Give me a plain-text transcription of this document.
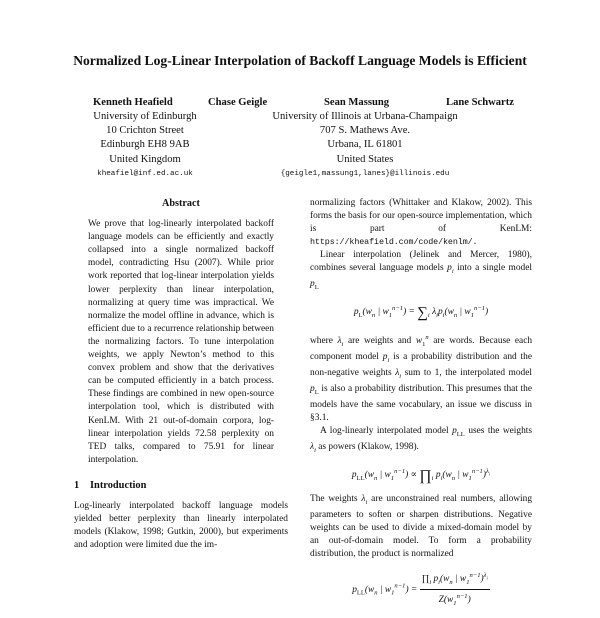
Normalized Log-Linear Interpolation of Backoff Language Models is Efficient
Kenneth Heafield	Chase Geigle	Sean Massung	Lane Schwartz
University of Edinburgh
10 Crichton Street
Edinburgh EH8 9AB
United Kingdom
kheafiel@inf.ed.ac.uk
University of Illinois at Urbana-Champaign
707 S. Mathews Ave.
Urbana, IL 61801
United States
{geigle1,massung1,lanes}@illinois.edu
Abstract

We prove that log-linearly interpolated backoff language models can be efficiently and exactly collapsed into a single normalized backoff model, contradicting Hsu (2007). While prior work reported that log-linear interpolation yields lower perplexity than linear interpolation, normalizing at query time was impractical. We normalize the model offline in advance, which is efficient due to a recurrence relationship between the normalizing factors. To tune interpolation weights, we apply Newton’s method to this convex problem and show that the derivatives can be computed efficiently in a batch process. These findings are combined in new open-source interpolation tool, which is distributed with KenLM. With 21 out-of-domain corpora, log-linear interpolation yields 72.58 perplexity on TED talks, compared to 75.91 for linear interpolation.

1 Introduction

Log-linearly interpolated backoff language models yielded better perplexity than linearly interpolated models (Klakow, 1998; Gutkin, 2000), but experiments and adoption were limited due the im-

normalizing factors (Whittaker and Klakow, 2002). This forms the basis for our open-source implementation, which is part of KenLM: https://kheafield.com/code/kenlm/.

Linear interpolation (Jelinek and Mercer, 1980), combines several language models $p_i$ into a single model $p_L$

$p_L(w_n$ | $w_1^{n-1}) = \sum_i$ $\lambda_ip_i(w_n$ | $w_1^{n-1}$)

where $\lambda_i$ are weights and $w_1^n$ are words. Because each component model $p_i$ is a probability distribution and the non-negative weights $\lambda_i$ sum to 1, the interpolated model $p_L$ is also a probability distribution. This presumes that the models have the same vocabulary, an issue we discuss in §3.1.

A log-linearly interpolated model $p_{LL}$ uses the weights $\lambda_i$ as powers (Klakow, 1998).

$p_{LL}(w_n$ | $w_1^{n-1}$) ∝ $\prod_i$ $p_i(w_n$ | $w_1^{n-1})^{\lambda_i}$

The weights $\lambda_i$ are unconstrained real numbers, allowing parameters to soften or sharpen distributions. Negative weights can be used to divide a mixed-domain model by an out-of-domain model. To form a probability distribution, the product is normalized

$p_{LL}(w_n$ | $w_1^{n-1}) = \frac{\prod_i p_i(w_n | w_1^{n-1})^{\lambda_i}}{Z(w_1^{n-1})}$
